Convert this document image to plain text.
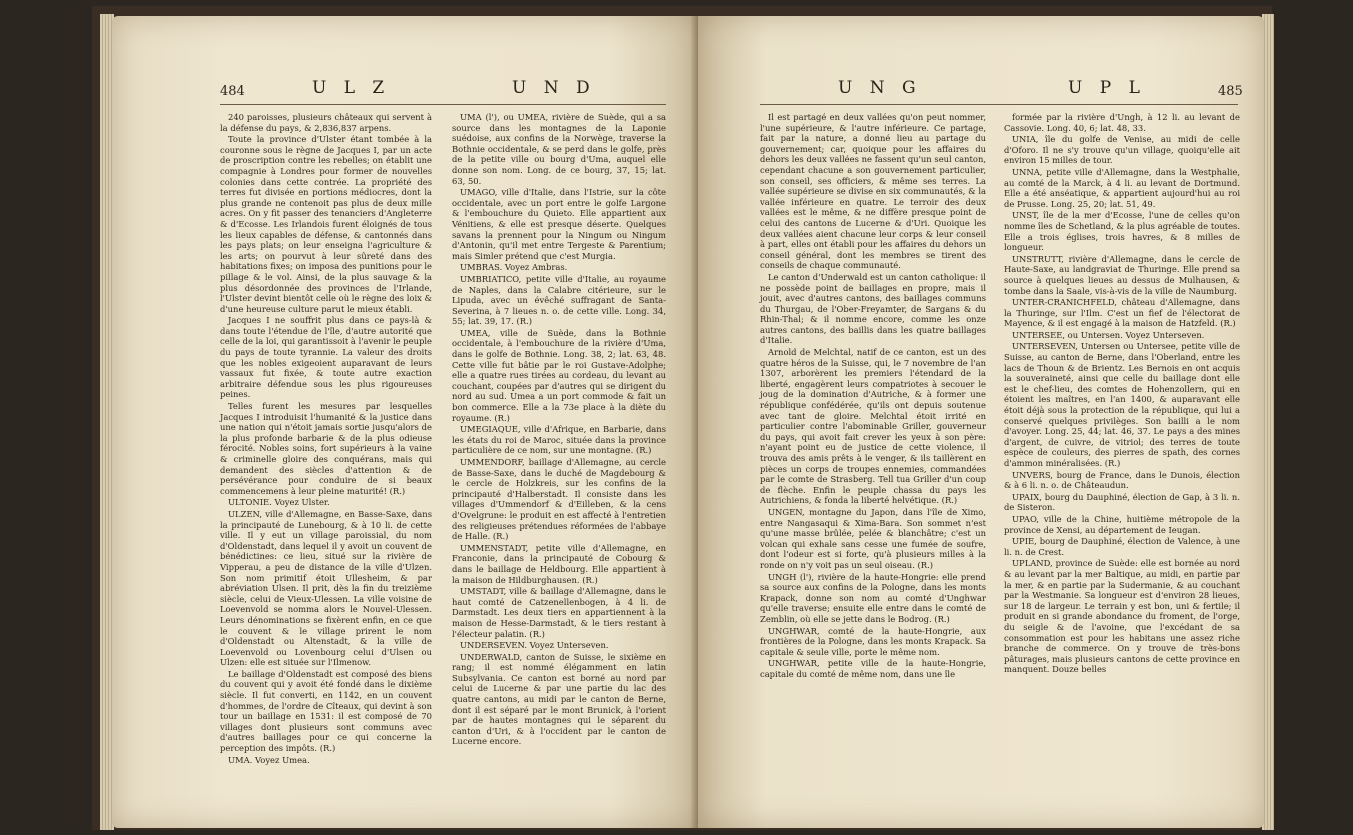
484	U L Z	U N D

240 paroisses, plusieurs châteaux qui servent à la défense du pays, & 2,836,837 arpens.

Toute la province d'Ulster étant tombée à la couronne sous le règne de Jacques I, par un acte de proscription contre les rebelles; on établit une compagnie à Londres pour former de nouvelles colonies dans cette contrée. La propriété des terres fut divisée en portions médiocres, dont la plus grande ne contenoit pas plus de deux mille acres. On y fit passer des tenanciers d'Angleterre & d'Ecosse. Les Irlandois furent éloignés de tous les lieux capables de défense, & cantonnés dans les pays plats; on leur enseigna l'agriculture & les arts; on pourvut à leur sûreté dans des habitations fixes; on imposa des punitions pour le pillage & le vol. Ainsi, de la plus sauvage & la plus désordonnée des provinces de l'Irlande, l'Ulster devint bientôt celle où le règne des loix & d'une heureuse culture parut le mieux établi.

Jacques I ne souffrit plus dans ce pays-là & dans toute l'étendue de l'île, d'autre autorité que celle de la loi, qui garantissoit à l'avenir le peuple du pays de toute tyrannie. La valeur des droits que les nobles exigeoient auparavant de leurs vassaux fut fixée, & toute autre exaction arbitraire défendue sous les plus rigoureuses peines.

Telles furent les mesures par lesquelles Jacques I introduisit l'humanité & la justice dans une nation qui n'étoit jamais sortie jusqu'alors de la plus profonde barbarie & de la plus odieuse férocité. Nobles soins, fort supérieurs à la vaine & criminelle gloire des conquérans, mais qui demandent des siècles d'attention & de persévérance pour conduire de si beaux commencemens à leur pleine maturité! (R.)

ULTONIE. Voyez Ulster.

ULZEN, ville d'Allemagne, en Basse-Saxe, dans la principauté de Lunebourg, & à 10 li. de cette ville. Il y eut un village paroissial, du nom d'Oldenstadt, dans lequel il y avoit un couvent de bénédictines: ce lieu, situé sur la rivière de Vipperau, a peu de distance de la ville d'Ulzen. Son nom primitif étoit Ullesheim, & par abréviation Ulsen. Il prit, dès la fin du treizième siècle, celui de Vieux-Ulessen. La ville voisine de Loevenvold se nomma alors le Nouvel-Ulessen. Leurs dénominations se fixèrent enfin, en ce que le couvent & le village prirent le nom d'Oldenstadt ou Altenstadt, & la ville de Loevenvold ou Lovenbourg celui d'Ulsen ou Ulzen: elle est située sur l'Ilmenow.

Le baillage d'Oldenstadt est composé des biens du couvent qui y avoit été fondé dans le dixième siècle. Il fut converti, en 1142, en un couvent d'hommes, de l'ordre de Cîteaux, qui devint à son tour un baillage en 1531: il est composé de 70 villages dont plusieurs sont communs avec d'autres baillages pour ce qui concerne la perception des impôts. (R.)

UMA. Voyez Umea.

UMA (l'), ou UMEA, rivière de Suède, qui a sa source dans les montagnes de la Laponie suédoise, aux confins de la Norwège, traverse la Bothnie occidentale, & se perd dans le golfe, près de la petite ville ou bourg d'Uma, auquel elle donne son nom. Long. de ce bourg, 37, 15; lat. 63, 50.

UMAGO, ville d'Italie, dans l'Istrie, sur la côte occidentale, avec un port entre le golfe Largone & l'embouchure du Quieto. Elle appartient aux Vénitiens, & elle est presque déserte. Quelques savans la prennent pour la Ningum ou Ningum d'Antonin, qu'il met entre Tergeste & Parentium; mais Simler prétend que c'est Murgia.

UMBRAS. Voyez Ambras.

UMBRIATICO, petite ville d'Italie, au royaume de Naples, dans la Calabre citérieure, sur le Lipuda, avec un évêché suffragant de Santa-Severina, à 7 lieues n. o. de cette ville. Long. 34, 55; lat. 39, 17. (R.)

UMEA, ville de Suède, dans la Bothnie occidentale, à l'embouchure de la rivière d'Uma, dans le golfe de Bothnie. Long. 38, 2; lat. 63, 48. Cette ville fut bâtie par le roi Gustave-Adolphe; elle a quatre rues tirées au cordeau, du levant au couchant, coupées par d'autres qui se dirigent du nord au sud. Umea a un port commode & fait un bon commerce. Elle a la 73e place à la diète du royaume. (R.)

UMEGIAQUE, ville d'Afrique, en Barbarie, dans les états du roi de Maroc, située dans la province particulière de ce nom, sur une montagne. (R.)

UMMENDORF, baillage d'Allemagne, au cercle de Basse-Saxe, dans le duché de Magdebourg & le cercle de Holzkreis, sur les confins de la principauté d'Halberstadt. Il consiste dans les villages d'Ummendorf & d'Eilleben, & la cens d'Ovelgrune: le produit en est affecté à l'entretien des religieuses prétendues réformées de l'abbaye de Halle. (R.)

UMMENSTADT, petite ville d'Allemagne, en Franconie, dans la principauté de Cobourg & dans le baillage de Heldbourg. Elle appartient à la maison de Hildburghausen. (R.)

UMSTADT, ville & baillage d'Allemagne, dans le haut comté de Catzenellenbogen, à 4 li. de Darmstadt. Les deux tiers en appartiennent à la maison de Hesse-Darmstadt, & le tiers restant à l'électeur palatin. (R.)

UNDERSEVEN. Voyez Unterseven.

UNDERWALD, canton de Suisse, le sixième en rang; il est nommé élégamment en latin Subsylvania. Ce canton est borné au nord par celui de Lucerne & par une partie du lac des quatre cantons, au midi par le canton de Berne, dont il est séparé par le mont Brunick, à l'orient par de hautes montagnes qui le séparent du canton d'Uri, & à l'occident par le canton de Lucerne encore.

U N G	U P L	485

Il est partagé en deux vallées qu'on peut nommer, l'une supérieure, & l'autre inférieure. Ce partage, fait par la nature, a donné lieu au partage du gouvernement; car, quoique pour les affaires du dehors les deux vallées ne fassent qu'un seul canton, cependant chacune a son gouvernement particulier, son conseil, ses officiers, & même ses terres. La vallée supérieure se divise en six communautés, & la vallée inférieure en quatre. Le terroir des deux vallées est le même, & ne diffère presque point de celui des cantons de Lucerne & d'Uri. Quoique les deux vallées aient chacune leur corps & leur conseil à part, elles ont établi pour les affaires du dehors un conseil général, dont les membres se tirent des conseils de chaque communauté.

Le canton d'Underwald est un canton catholique: il ne possède point de baillages en propre, mais il jouit, avec d'autres cantons, des baillages communs du Thurgau, de l'Ober-Freyamter, de Sargans & du Rhin-Thal; & il nomme encore, comme les onze autres cantons, des baillis dans les quatre baillages d'Italie.

Arnold de Melchtal, natif de ce canton, est un des quatre héros de la Suisse, qui, le 7 novembre de l'an 1307, arborèrent les premiers l'étendard de la liberté, engagèrent leurs compatriotes à secouer le joug de la domination d'Autriche, & à former une république confédérée, qu'ils ont depuis soutenue avec tant de gloire. Melchtal étoit irrité en particulier contre l'abominable Griller, gouverneur du pays, qui avoit fait crever les yeux à son père: n'ayant point eu de justice de cette violence, il trouva des amis prêts à le venger, & ils taillèrent en pièces un corps de troupes ennemies, commandées par le comte de Strasberg. Tell tua Griller d'un coup de flèche. Enfin le peuple chassa du pays les Autrichiens, & fonda la liberté helvétique. (R.)

UNGEN, montagne du Japon, dans l'île de Ximo, entre Nangasaqui & Xima-Bara. Son sommet n'est qu'une masse brûlée, pelée & blanchâtre; c'est un volcan qui exhale sans cesse une fumée de soufre, dont l'odeur est si forte, qu'à plusieurs milles à la ronde on n'y voit pas un seul oiseau. (R.)

UNGH (l'), rivière de la haute-Hongrie: elle prend sa source aux confins de la Pologne, dans les monts Krapack, donne son nom au comté d'Unghwar qu'elle traverse; ensuite elle entre dans le comté de Zemblin, où elle se jette dans le Bodrog. (R.)

UNGHWAR, comté de la haute-Hongrie, aux frontières de la Pologne, dans les monts Krapack. Sa capitale & seule ville, porte le même nom.

UNGHWAR, petite ville de la haute-Hongrie, capitale du comté de même nom, dans une île

formée par la rivière d'Ungh, à 12 li. au levant de Cassovie. Long. 40, 6; lat. 48, 33.

UNIA, île du golfe de Venise, au midi de celle d'Oforo. Il ne s'y trouve qu'un village, quoiqu'elle ait environ 15 milles de tour.

UNNA, petite ville d'Allemagne, dans la Westphalie, au comté de la Marck, à 4 li. au levant de Dortmund. Elle a été anséatique, & appartient aujourd'hui au roi de Prusse. Long. 25, 20; lat. 51, 49.

UNST, île de la mer d'Ecosse, l'une de celles qu'on nomme îles de Schetland, & la plus agréable de toutes. Elle a trois églises, trois havres, & 8 milles de longueur.

UNSTRUTT, rivière d'Allemagne, dans le cercle de Haute-Saxe, au landgraviat de Thuringe. Elle prend sa source à quelques lieues au dessus de Mulhausen, & tombe dans la Saale, vis-à-vis de la ville de Naumburg.

UNTER-CRANICHFELD, château d'Allemagne, dans la Thuringe, sur l'Ilm. C'est un fief de l'électorat de Mayence, & il est engagé à la maison de Hatzfeld. (R.)

UNTERSEE, ou Untersen. Voyez Unterseven.

UNTERSEVEN, Untersen ou Untersee, petite ville de Suisse, au canton de Berne, dans l'Oberland, entre les lacs de Thoun & de Brientz. Les Bernois en ont acquis la souveraineté, ainsi que celle du baillage dont elle est le chef-lieu, des comtes de Hohenzollern, qui en étoient les maîtres, en l'an 1400, & auparavant elle étoit déjà sous la protection de la république, qui lui a conservé quelques privilèges. Son bailli a le nom d'avoyer. Long. 25, 44; lat. 46, 37. Le pays a des mines d'argent, de cuivre, de vitriol; des terres de toute espèce de couleurs, des pierres de spath, des cornes d'ammon minéralisées. (R.)

UNVERS, bourg de France, dans le Dunois, élection & à 6 li. n. o. de Châteaudun.

UPAIX, bourg du Dauphiné, élection de Gap, à 3 li. n. de Sisteron.

UPAO, ville de la Chine, huitième métropole de la province de Xensi, au département de Ieugan.

UPIE, bourg de Dauphiné, élection de Valence, à une li. n. de Crest.

UPLAND, province de Suède: elle est bornée au nord & au levant par la mer Baltique, au midi, en partie par la mer, & en partie par la Sudermanie, & au couchant par la Westmanie. Sa longueur est d'environ 28 lieues, sur 18 de largeur. Le terrain y est bon, uni & fertile; il produit en si grande abondance du froment, de l'orge, du seigle & de l'avoine, que l'excédant de sa consommation est pour les habitans une assez riche branche de commerce. On y trouve de très-bons pâturages, mais plusieurs cantons de cette province en manquent. Douze belles
